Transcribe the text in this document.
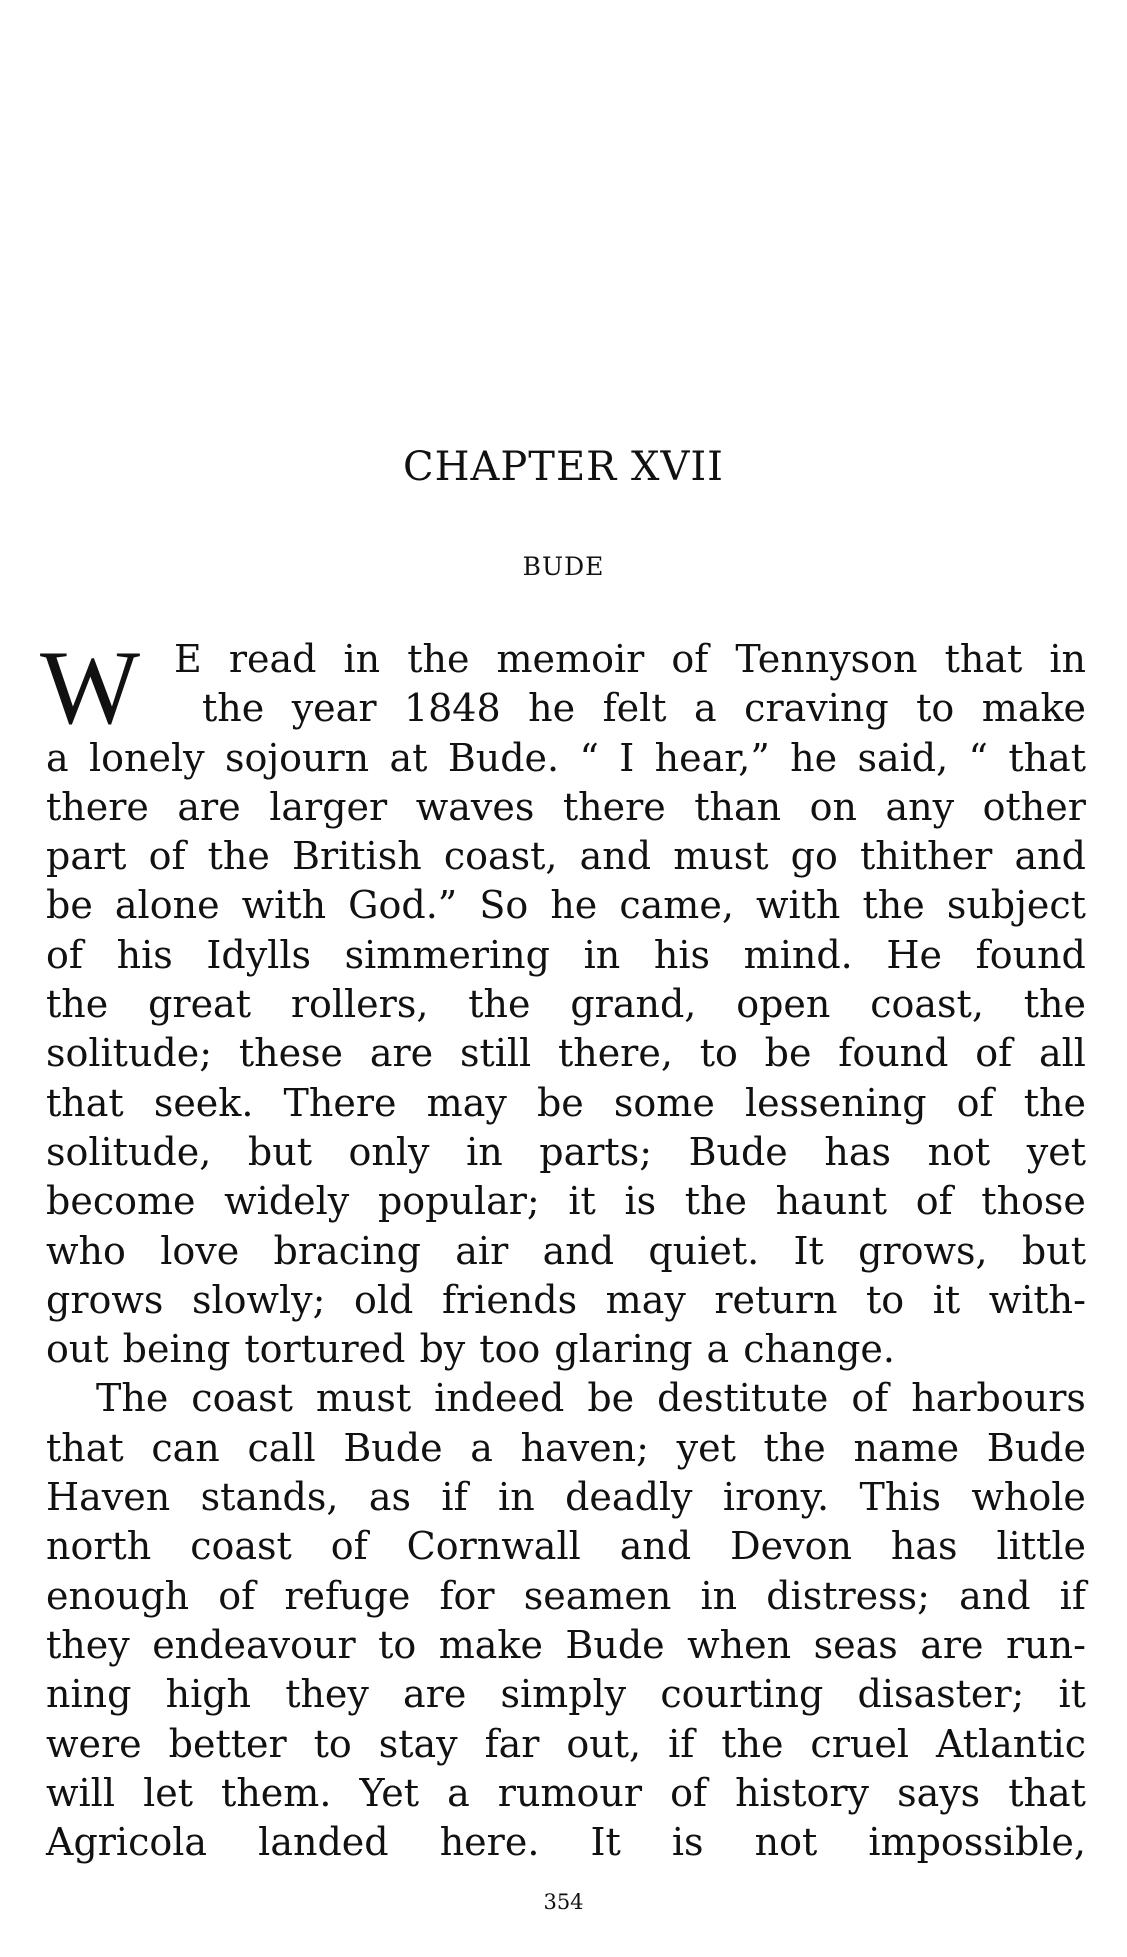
CHAPTER XVII
BUDE
W E read in the memoir of Tennyson that in
the year 1848 he felt a craving to make
a lonely sojourn at Bude. “ I hear,” he said, “ that
there are larger waves there than on any other
part of the British coast, and must go thither and
be alone with God.” So he came, with the subject
of his Idylls simmering in his mind. He found
the great rollers, the grand, open coast, the
solitude; these are still there, to be found of all
that seek. There may be some lessening of the
solitude, but only in parts; Bude has not yet
become widely popular; it is the haunt of those
who love bracing air and quiet. It grows, but
grows slowly; old friends may return to it with-
out being tortured by too glaring a change.
The coast must indeed be destitute of harbours
that can call Bude a haven; yet the name Bude
Haven stands, as if in deadly irony. This whole
north coast of Cornwall and Devon has little
enough of refuge for seamen in distress; and if
they endeavour to make Bude when seas are run-
ning high they are simply courting disaster; it
were better to stay far out, if the cruel Atlantic
will let them. Yet a rumour of history says that
Agricola landed here. It is not impossible,
354
